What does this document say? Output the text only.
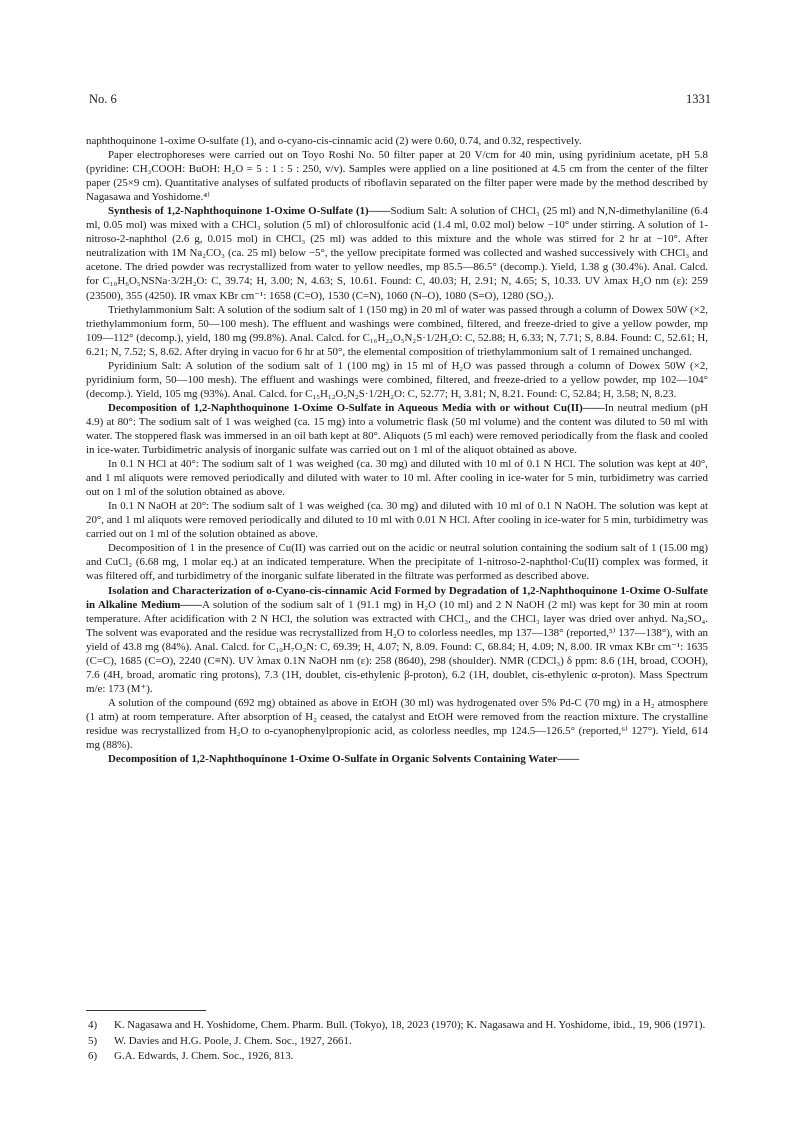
No. 6	1331

naphthoquinone 1-oxime O-sulfate (1), and o-cyano-cis-cinnamic acid (2) were 0.60, 0.74, and 0.32, respectively.

Paper electrophoreses were carried out on Toyo Roshi No. 50 filter paper at 20 V/cm for 40 min, using pyridinium acetate, pH 5.8 (pyridine: CH₃COOH: BuOH: H₂O = 5 : 1 : 5 : 250, v/v). Samples were applied on a line positioned at 4.5 cm from the center of the filter paper (25×9 cm). Quantitative analyses of sulfated products of riboflavin separated on the filter paper were made by the method described by Nagasawa and Yoshidome.⁴⁾

Synthesis of 1,2-Naphthoquinone 1-Oxime O-Sulfate (1)——Sodium Salt: A solution of CHCl₃ (25 ml) and N,N-dimethylaniline (6.4 ml, 0.05 mol) was mixed with a CHCl₃ solution (5 ml) of chlorosulfonic acid (1.4 ml, 0.02 mol) below −10° under stirring. A solution of 1-nitroso-2-naphthol (2.6 g, 0.015 mol) in CHCl₃ (25 ml) was added to this mixture and the whole was stirred for 2 hr at −10°. After neutralization with 1M Na₂CO₃ (ca. 25 ml) below −5°, the yellow precipitate formed was collected and washed successively with CHCl₃ and acetone. The dried powder was recrystallized from water to yellow needles, mp 85.5—86.5° (decomp.). Yield, 1.38 g (30.4%). Anal. Calcd. for C₁₀H₆O₅NSNa·3/2H₂O: C, 39.74; H, 3.00; N, 4.63; S, 10.61. Found: C, 40.03; H, 2.91; N, 4.65; S, 10.33. UV λmax H₂O nm (ε): 259 (23500), 355 (4250). IR νmax KBr cm⁻¹: 1658 (C=O), 1530 (C=N), 1060 (N–O), 1080 (S=O), 1280 (SO₂).

Triethylammonium Salt: A solution of the sodium salt of 1 (150 mg) in 20 ml of water was passed through a column of Dowex 50W (×2, triethylammonium form, 50—100 mesh). The effluent and washings were combined, filtered, and freeze-dried to give a yellow powder, mp 109—112° (decomp.), yield, 180 mg (99.8%). Anal. Calcd. for C₁₆H₂₂O₅N₂S·1/2H₂O: C, 52.88; H, 6.33; N, 7.71; S, 8.84. Found: C, 52.61; H, 6.21; N, 7.52; S, 8.62. After drying in vacuo for 6 hr at 50°, the elemental composition of triethylammonium salt of 1 remained unchanged.

Pyridinium Salt: A solution of the sodium salt of 1 (100 mg) in 15 ml of H₂O was passed through a column of Dowex 50W (×2, pyridinium form, 50—100 mesh). The effluent and washings were combined, filtered, and freeze-dried to a yellow powder, mp 102—104° (decomp.). Yield, 105 mg (93%). Anal. Calcd. for C₁₅H₁₂O₅N₂S·1/2H₂O: C, 52.77; H, 3.81; N, 8.21. Found: C, 52.84; H, 3.58; N, 8.23.

Decomposition of 1,2-Naphthoquinone 1-Oxime O-Sulfate in Aqueous Media with or without Cu(II)——In neutral medium (pH 4.9) at 80°: The sodium salt of 1 was weighed (ca. 15 mg) into a volumetric flask (50 ml volume) and the content was diluted to 50 ml with water. The stoppered flask was immersed in an oil bath kept at 80°. Aliquots (5 ml each) were removed periodically from the flask and cooled in ice-water. Turbidimetric analysis of inorganic sulfate was carried out on 1 ml of the aliquot obtained as above.

In 0.1 N HCl at 40°: The sodium salt of 1 was weighed (ca. 30 mg) and diluted with 10 ml of 0.1 N HCl. The solution was kept at 40°, and 1 ml aliquots were removed periodically and diluted with water to 10 ml. After cooling in ice-water for 5 min, turbidimetry was carried out on 1 ml of the solution obtained as above.

In 0.1 N NaOH at 20°: The sodium salt of 1 was weighed (ca. 30 mg) and diluted with 10 ml of 0.1 N NaOH. The solution was kept at 20°, and 1 ml aliquots were removed periodically and diluted to 10 ml with 0.01 N HCl. After cooling in ice-water for 5 min, turbidimetry was carried out on 1 ml of the solution obtained as above.

Decomposition of 1 in the presence of Cu(II) was carried out on the acidic or neutral solution containing the sodium salt of 1 (15.00 mg) and CuCl₂ (6.68 mg, 1 molar eq.) at an indicated temperature. When the precipitate of 1-nitroso-2-naphthol·Cu(II) complex was formed, it was filtered off, and turbidimetry of the inorganic sulfate liberated in the filtrate was performed as described above.

Isolation and Characterization of o-Cyano-cis-cinnamic Acid Formed by Degradation of 1,2-Naphthoquinone 1-Oxime O-Sulfate in Alkaline Medium——A solution of the sodium salt of 1 (91.1 mg) in H₂O (10 ml) and 2 N NaOH (2 ml) was kept for 30 min at room temperature. After acidification with 2 N HCl, the solution was extracted with CHCl₃, and the CHCl₃ layer was dried over anhyd. Na₂SO₄. The solvent was evaporated and the residue was recrystallized from H₂O to colorless needles, mp 137—138° (reported,⁵⁾ 137—138°), with an yield of 43.8 mg (84%). Anal. Calcd. for C₁₀H₇O₂N: C, 69.39; H, 4.07; N, 8.09. Found: C, 68.84; H, 4.09; N, 8.00. IR νmax KBr cm⁻¹: 1635 (C=C), 1685 (C=O), 2240 (C≡N). UV λmax 0.1N NaOH nm (ε): 258 (8640), 298 (shoulder). NMR (CDCl₃) δ ppm: 8.6 (1H, broad, COOH), 7.6 (4H, broad, aromatic ring protons), 7.3 (1H, doublet, cis-ethylenic β-proton), 6.2 (1H, doublet, cis-ethylenic α-proton). Mass Spectrum m/e: 173 (M⁺).

A solution of the compound (692 mg) obtained as above in EtOH (30 ml) was hydrogenated over 5% Pd-C (70 mg) in a H₂ atmosphere (1 atm) at room temperature. After absorption of H₂ ceased, the catalyst and EtOH were removed from the reaction mixture. The crystalline residue was recrystallized from H₂O to o-cyanophenylpropionic acid, as colorless needles, mp 124.5—126.5° (reported,⁶⁾ 127°). Yield, 614 mg (88%).

Decomposition of 1,2-Naphthoquinone 1-Oxime O-Sulfate in Organic Solvents Containing Water——

4)	K. Nagasawa and H. Yoshidome, Chem. Pharm. Bull. (Tokyo), 18, 2023 (1970); K. Nagasawa and H. Yoshidome, ibid., 19, 906 (1971).
5)	W. Davies and H.G. Poole, J. Chem. Soc., 1927, 2661.
6)	G.A. Edwards, J. Chem. Soc., 1926, 813.
